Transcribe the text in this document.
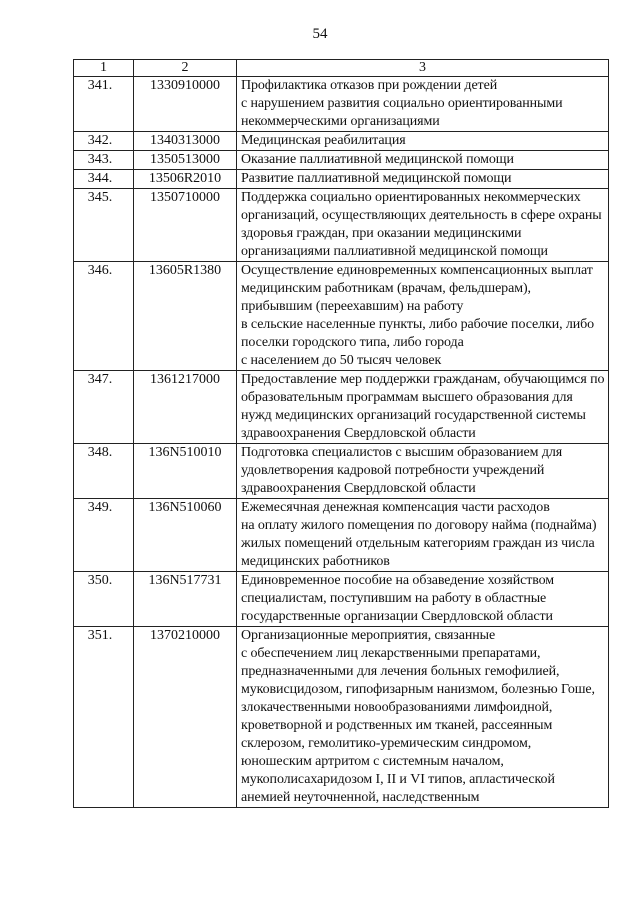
54
1	2	3
341.	1330910000	Профилактика отказов при рождении детей
с нарушением развития социально ориентированными некоммерческими организациями
342.	1340313000	Медицинская реабилитация
343.	1350513000	Оказание паллиативной медицинской помощи
344.	13506R2010	Развитие паллиативной медицинской помощи
345.	1350710000	Поддержка социально ориентированных некоммерческих организаций, осуществляющих деятельность в сфере охраны здоровья граждан, при оказании медицинскими организациями паллиативной медицинской помощи
346.	13605R1380	Осуществление единовременных компенсационных выплат медицинским работникам (врачам, фельдшерам), прибывшим (переехавшим) на работу
в сельские населенные пункты, либо рабочие поселки, либо поселки городского типа, либо города
с населением до 50 тысяч человек
347.	1361217000	Предоставление мер поддержки гражданам, обучающимся по образовательным программам высшего образования для нужд медицинских организаций государственной системы здравоохранения Свердловской области
348.	136N510010	Подготовка специалистов с высшим образованием для удовлетворения кадровой потребности учреждений здравоохранения Свердловской области
349.	136N510060	Ежемесячная денежная компенсация части расходов
на оплату жилого помещения по договору найма (поднайма) жилых помещений отдельным категориям граждан из числа медицинских работников
350.	136N517731	Единовременное пособие на обзаведение хозяйством специалистам, поступившим на работу в областные государственные организации Свердловской области
351.	1370210000	Организационные мероприятия, связанные
с обеспечением лиц лекарственными препаратами, предназначенными для лечения больных гемофилией, муковисцидозом, гипофизарным нанизмом, болезнью Гоше, злокачественными новообразованиями лимфоидной, кроветворной и родственных им тканей, рассеянным склерозом, гемолитико-уремическим синдромом, юношеским артритом с системным началом, мукополисахаридозом I, II и VI типов, апластической анемией неуточненной, наследственным
